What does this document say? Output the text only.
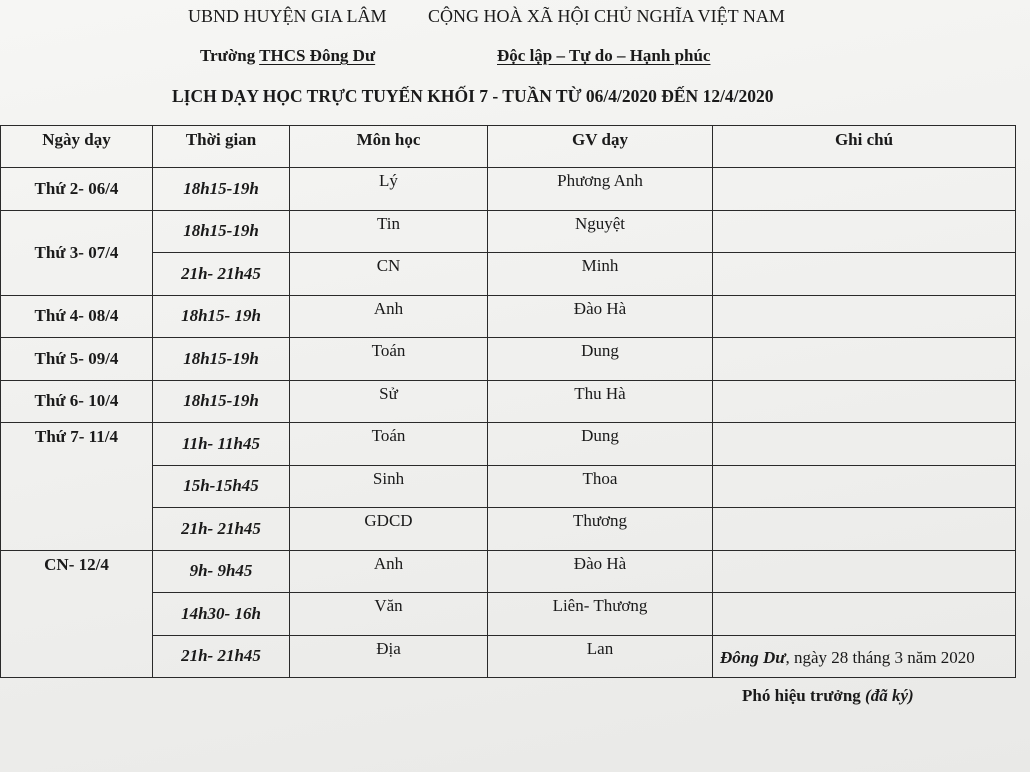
UBND HUYỆN GIA LÂM CỘNG HOÀ XÃ HỘI CHỦ NGHĨA VIỆT NAM
Trường THCS Đông Dư	Độc lập – Tự do – Hạnh phúc
LỊCH DẠY HỌC TRỰC TUYẾN KHỐI 7 - TUẦN TỪ 06/4/2020 ĐẾN 12/4/2020
Ngày dạy	Thời gian	Môn học	GV dạy	Ghi chú
Thứ 2- 06/4	18h15-19h	Lý	Phương Anh	
Thứ 3- 07/4	18h15-19h	Tin	Nguyệt	
	21h- 21h45	CN	Minh	
Thứ 4- 08/4	18h15- 19h	Anh	Đào Hà	
Thứ 5- 09/4	18h15-19h	Toán	Dung	
Thứ 6- 10/4	18h15-19h	Sử	Thu Hà	
Thứ 7- 11/4	11h- 11h45	Toán	Dung	
	15h-15h45	Sinh	Thoa	
	21h- 21h45	GDCD	Thương	
CN- 12/4	9h- 9h45	Anh	Đào Hà	
	14h30- 16h	Văn	Liên- Thương	
	21h- 21h45	Địa	Lan		Đông Dư, ngày 28 tháng 3 năm 2020
Phó hiệu trưởng (đã ký)
